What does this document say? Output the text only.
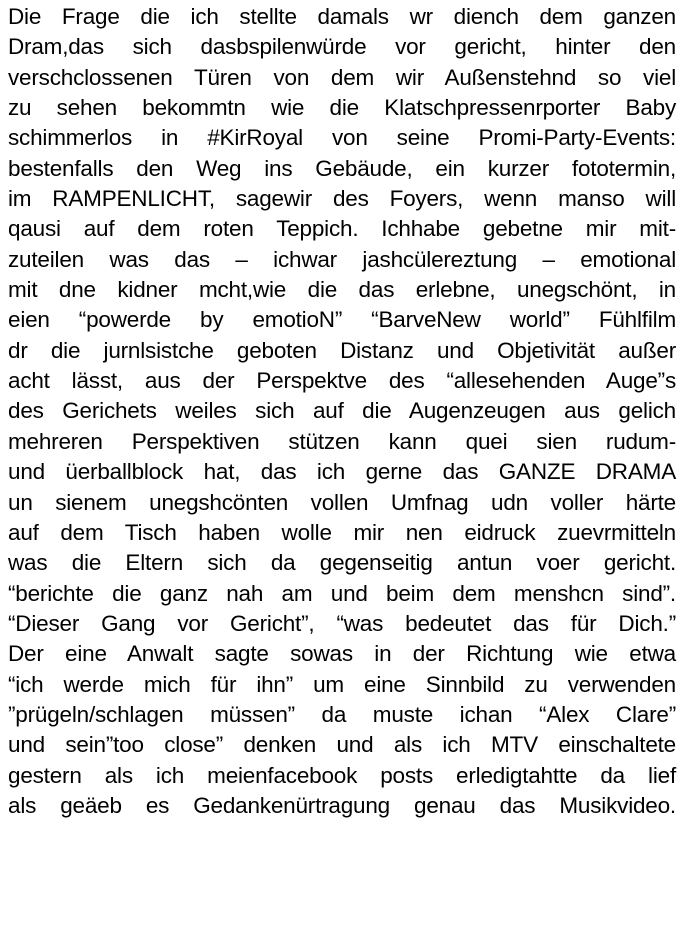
Die Frage die ich stellte damals wr diench dem ganzen
Dram,das sich dasbspilenwürde vor gericht, hinter den
verschclossenen Türen von dem wir Außenstehnd so viel
zu sehen bekommtn wie die Klatschpressenrporter Baby
schimmerlos in #KirRoyal von seine Promi-Party-Events:
bestenfalls den Weg ins Gebäude, ein kurzer fototermin,
im RAMPENLICHT, sagewir des Foyers, wenn manso will
qausi auf dem roten Teppich. Ichhabe gebetne mir mit-
zuteilen was das – ichwar jashcülereztung – emotional
mit dne kidner mcht,wie die das erlebne, unegschönt, in
eien “powerde by emotioN” “BarveNew world” Fühlfilm
dr die jurnlsistche geboten Distanz und Objetivität außer
acht lässt, aus der Perspektve des “allesehenden Auge”s
des Gerichets weiles sich auf die Augenzeugen aus gelich
mehreren Perspektiven stützen kann quei sien rudum-
und üerballblock hat, das ich gerne das GANZE DRAMA
un sienem unegshcönten vollen Umfnag udn voller härte
auf dem Tisch haben wolle mir nen eidruck zuevrmitteln
was die Eltern sich da gegenseitig antun voer gericht.
“berichte die ganz nah am und beim dem menshcn sind”.
“Dieser Gang vor Gericht”, “was bedeutet das für Dich.”
Der eine Anwalt sagte sowas in der Richtung wie etwa
“ich werde mich für ihn” um eine Sinnbild zu verwenden
”prügeln/schlagen müssen” da muste ichan “Alex Clare”
und sein”too close” denken und als ich MTV einschaltete
gestern als ich meienfacebook posts erledigtahtte da lief
als geäeb es Gedankenürtragung genau das Musikvideo.
